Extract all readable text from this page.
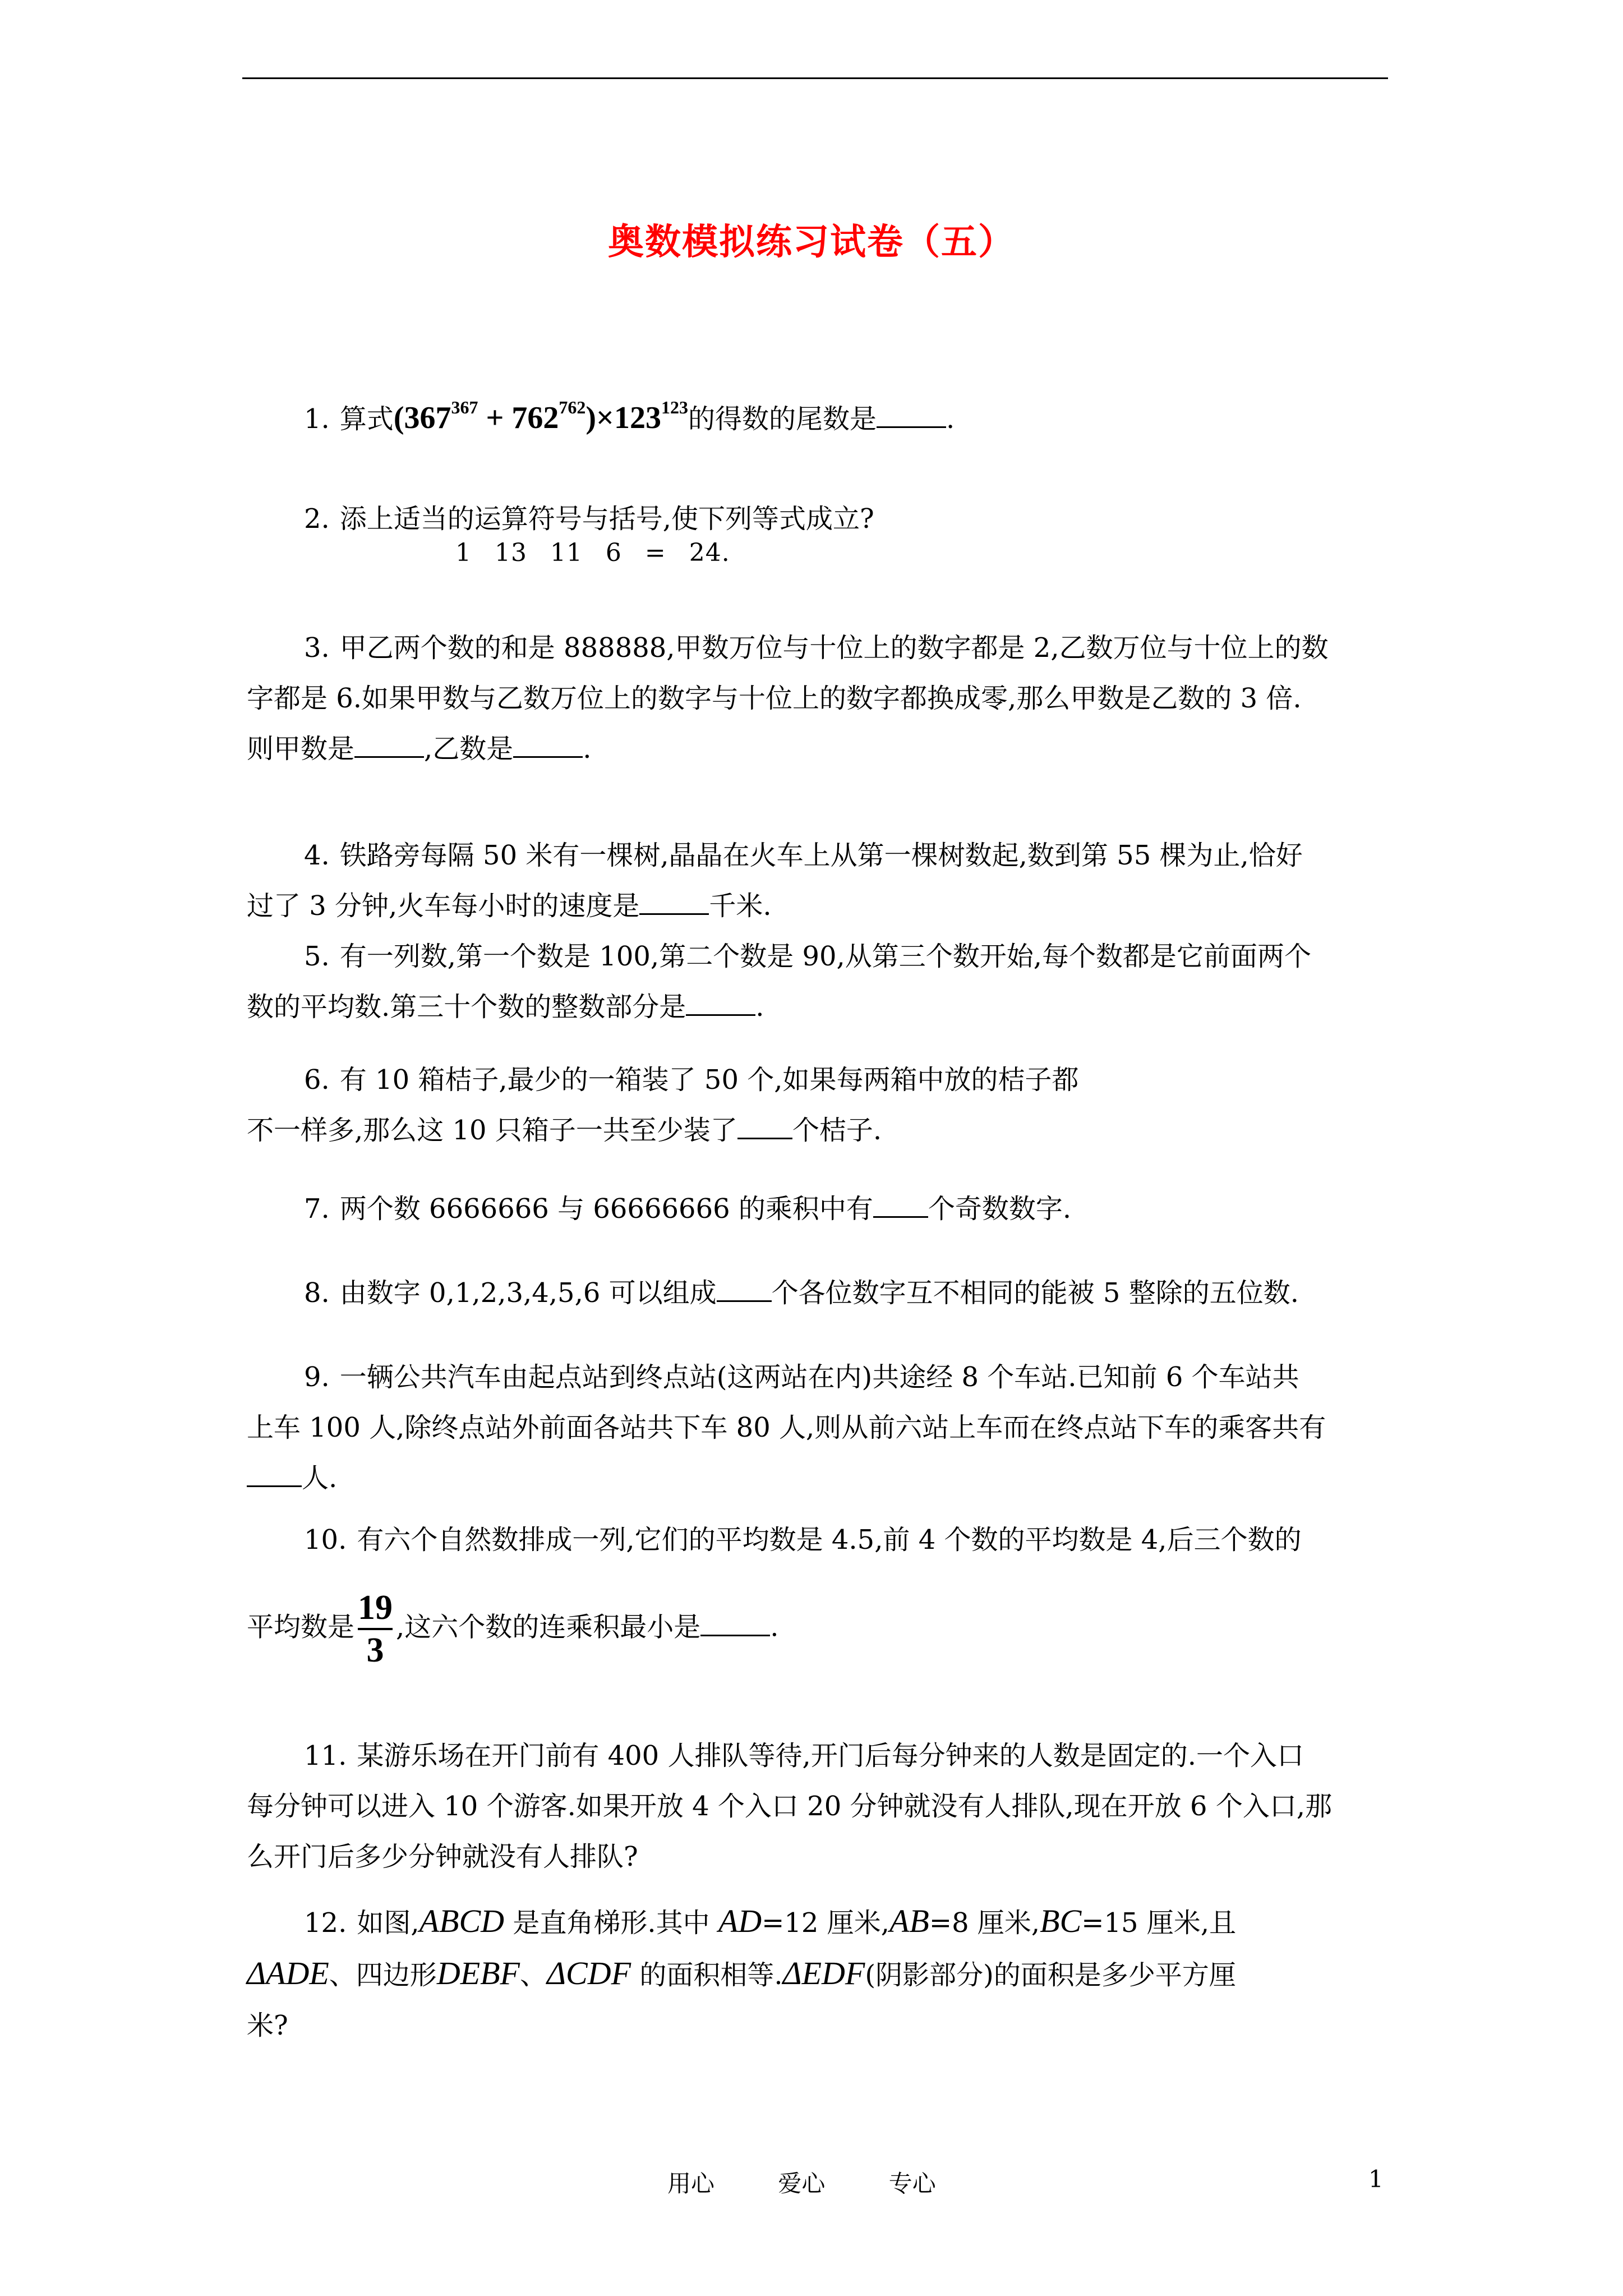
奥数模拟练习试卷（五）
1. 算式$(367^{367} + 762^{762})\times 123^{123}$的得数的尾数是	.
2. 添上适当的运算符号与括号,使下列等式成立?
1 13 11 6 = 24.
3. 甲乙两个数的和是 888888,甲数万位与十位上的数字都是 2,乙数万位与十位上的数
字都是 6.如果甲数与乙数万位上的数字与十位上的数字都换成零,那么甲数是乙数的 3 倍.
则甲数是	,乙数是	.
4. 铁路旁每隔 50 米有一棵树,晶晶在火车上从第一棵树数起,数到第 55 棵为止,恰好
过了 3 分钟,火车每小时的速度是	千米.
5. 有一列数,第一个数是 100,第二个数是 90,从第三个数开始,每个数都是它前面两个
数的平均数.第三十个数的整数部分是	.
6. 有 10 箱桔子,最少的一箱装了 50 个,如果每两箱中放的桔子都
不一样多,那么这 10 只箱子一共至少装了 个桔子.
7. 两个数 6666666 与 66666666 的乘积中有 个奇数数字.
8. 由数字 0,1,2,3,4,5,6 可以组成 个各位数字互不相同的能被 5 整除的五位数.
9. 一辆公共汽车由起点站到终点站(这两站在内)共途经 8 个车站.已知前 6 个车站共
上车 100 人,除终点站外前面各站共下车 80 人,则从前六站上车而在终点站下车的乘客共有
人.
10. 有六个自然数排成一列,它们的平均数是 4.5,前 4 个数的平均数是 4,后三个数的
平均数是 $\frac{19}{3}$ ,这六个数的连乘积最小是	.
11. 某游乐场在开门前有 400 人排队等待,开门后每分钟来的人数是固定的.一个入口
每分钟可以进入 10 个游客.如果开放 4 个入口 20 分钟就没有人排队,现在开放 6 个入口,那
么开门后多少分钟就没有人排队?
12. 如图,ABCD 是直角梯形.其中 AD=12 厘米,AB=8 厘米,BC=15 厘米,且
ΔADE、四边形DEBF、ΔCDF 的面积相等.ΔEDF(阴影部分)的面积是多少平方厘
米?
用心 爱心 专心	1
